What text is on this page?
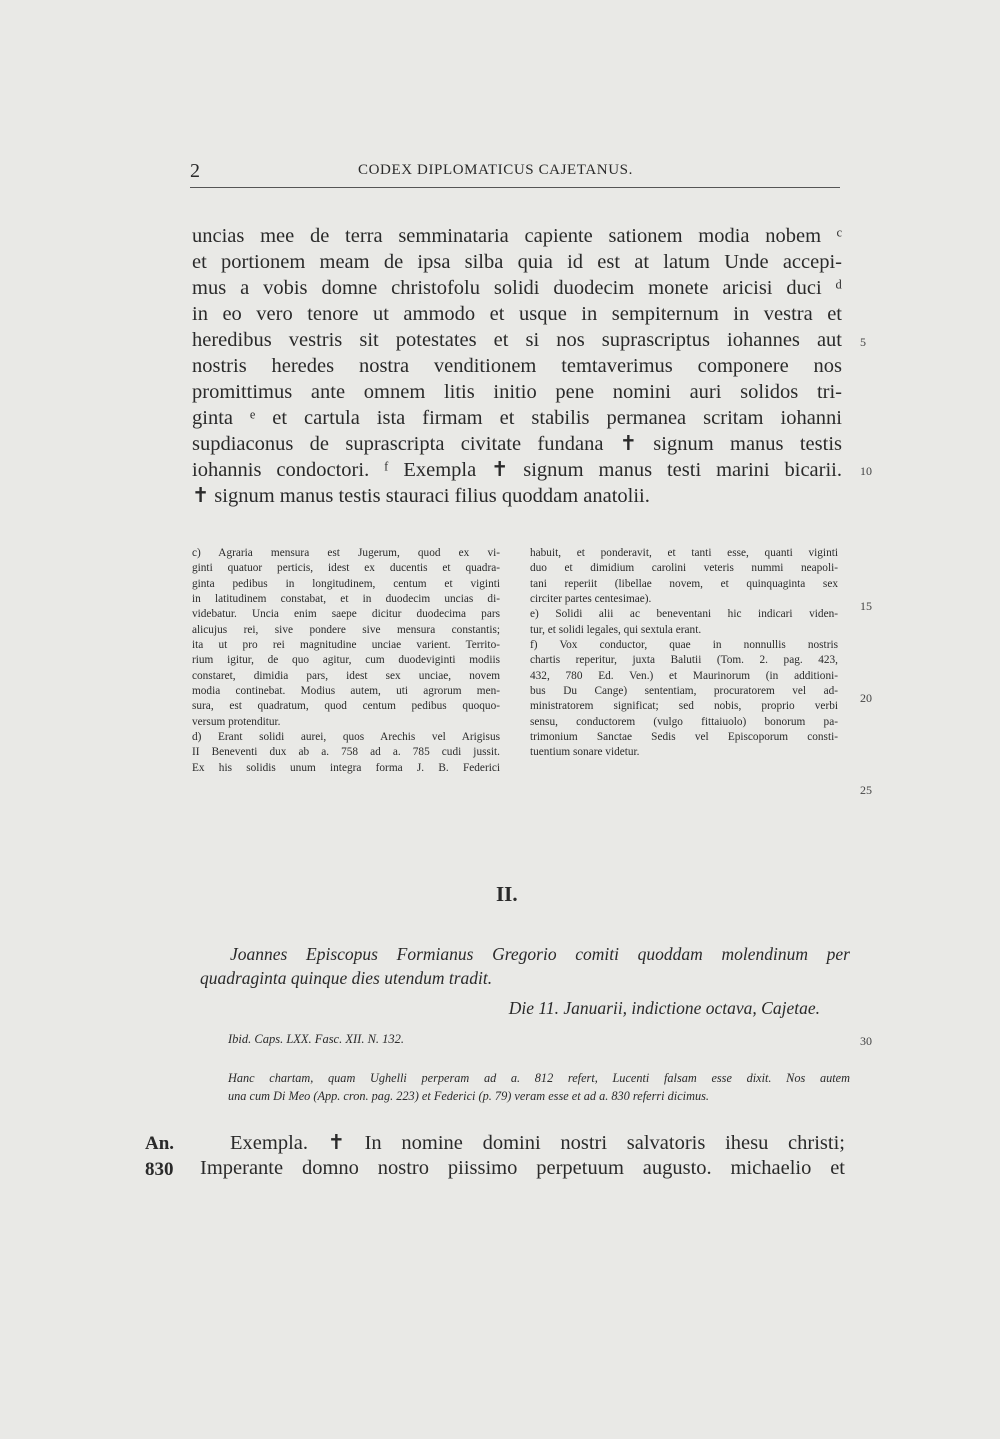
2	CODEX DIPLOMATICUS CAJETANUS.
uncias mee de terra semminataria capiente sationem modia nobem ᶜ
et portionem meam de ipsa silba quia id est at latum Unde accepi-
mus a vobis domne christofolu solidi duodecim monete aricisi duci ᵈ
in eo vero tenore ut ammodo et usque in sempiternum in vestra et
heredibus vestris sit potestates et si nos suprascriptus iohannes aut
nostris heredes nostra venditionem temtaverimus componere nos
promittimus ante omnem litis initio pene nomini auri solidos tri-
ginta ᵉ et cartula ista firmam et stabilis permanea scritam iohanni
supdiaconus de suprascripta civitate fundana ✝ signum manus testis
iohannis condoctori. ᶠ Exempla ✝ signum manus testi marini bicarii.
✝ signum manus testis stauraci filius quoddam anatolii.
5
10
c) Agraria mensura est Jugerum, quod ex vi-
ginti quatuor perticis, idest ex ducentis et quadra-
ginta pedibus in longitudinem, centum et viginti
in latitudinem constabat, et in duodecim uncias di-
videbatur. Uncia enim saepe dicitur duodecima pars
alicujus rei, sive pondere sive mensura constantis;
ita ut pro rei magnitudine unciae varient. Territo-
rium igitur, de quo agitur, cum duodeviginti modiis
constaret, dimidia pars, idest sex unciae, novem
modia continebat. Modius autem, uti agrorum men-
sura, est quadratum, quod centum pedibus quoquo-
versum protenditur.
d) Erant solidi aurei, quos Arechis vel Arigisus
II Beneventi dux ab a. 758 ad a. 785 cudi jussit.
Ex his solidis unum integra forma J. B. Federici
habuit, et ponderavit, et tanti esse, quanti viginti
duo et dimidium carolini veteris nummi neapoli-
tani reperiit (libellae novem, et quinquaginta sex
circiter partes centesimae).
e) Solidi alii ac beneventani hic indicari viden-
tur, et solidi legales, qui sextula erant.
f) Vox conductor, quae in nonnullis nostris
chartis reperitur, juxta Balutii (Tom. 2. pag. 423,
432, 780 Ed. Ven.) et Maurinorum (in additioni-
bus Du Cange) sententiam, procuratorem vel ad-
ministratorem significat; sed nobis, proprio verbi
sensu, conductorem (vulgo fittaiuolo) bonorum pa-
trimonium Sanctae Sedis vel Episcoporum consti-
tuentium sonare videtur.
15
20
25
II.
Joannes Episcopus Formianus Gregorio comiti quoddam molendinum per
quadraginta quinque dies utendum tradit.
Die 11. Januarii, indictione octava, Cajetae.
Ibid. Caps. LXX. Fasc. XII. N. 132.	30
Hanc chartam, quam Ughelli perperam ad a. 812 refert, Lucenti falsam esse dixit. Nos autem
una cum Di Meo (App. cron. pag. 223) et Federici (p. 79) veram esse et ad a. 830 referri dicimus.
An.
830
Exempla. ✝ In nomine domini nostri salvatoris ihesu christi;
Imperante domno nostro piissimo perpetuum augusto. michaelio et
